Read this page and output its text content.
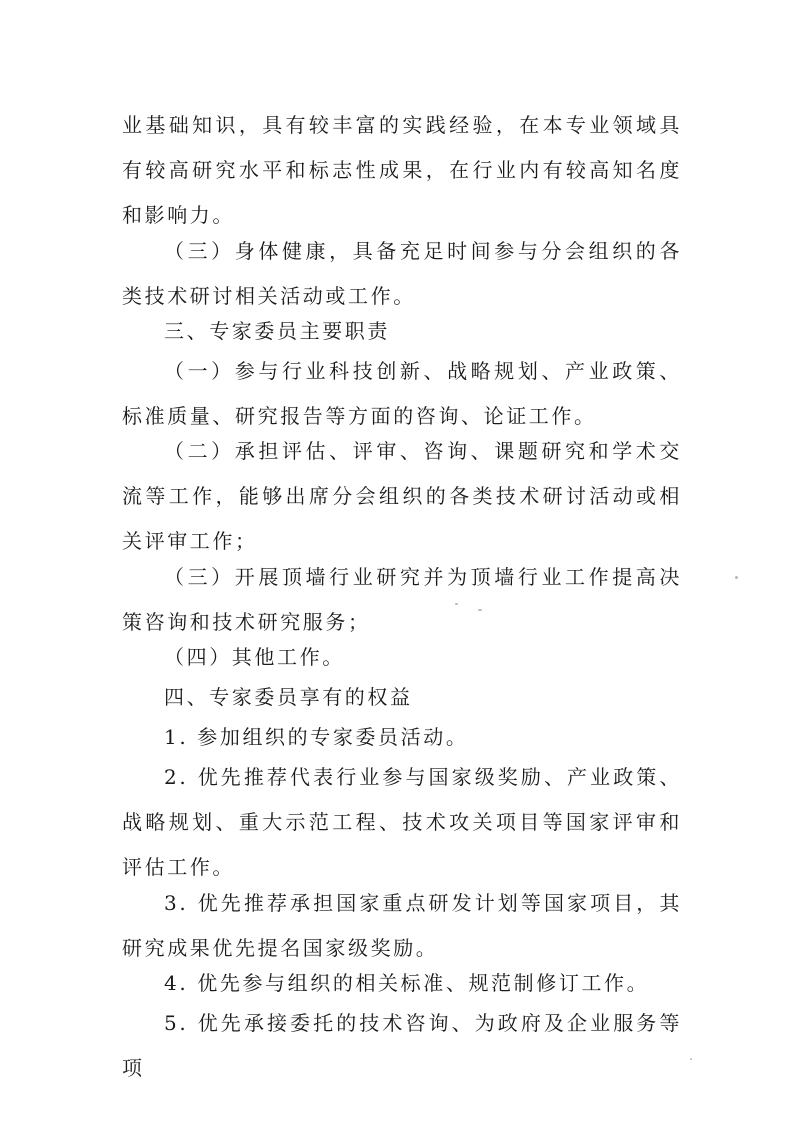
业基础知识，具有较丰富的实践经验，在本专业领域具有较高研究水平和标志性成果，在行业内有较高知名度和影响力。

（三）身体健康，具备充足时间参与分会组织的各类技术研讨相关活动或工作。

三、专家委员主要职责

（一）参与行业科技创新、战略规划、产业政策、标准质量、研究报告等方面的咨询、论证工作。

（二）承担评估、评审、咨询、课题研究和学术交流等工作，能够出席分会组织的各类技术研讨活动或相关评审工作；

（三）开展顶墙行业研究并为顶墙行业工作提高决策咨询和技术研究服务；

（四）其他工作。

四、专家委员享有的权益

1. 参加组织的专家委员活动。

2. 优先推荐代表行业参与国家级奖励、产业政策、战略规划、重大示范工程、技术攻关项目等国家评审和评估工作。

3. 优先推荐承担国家重点研发计划等国家项目，其研究成果优先提名国家级奖励。

4. 优先参与组织的相关标准、规范制修订工作。

5. 优先承接委托的技术咨询、为政府及企业服务等项
